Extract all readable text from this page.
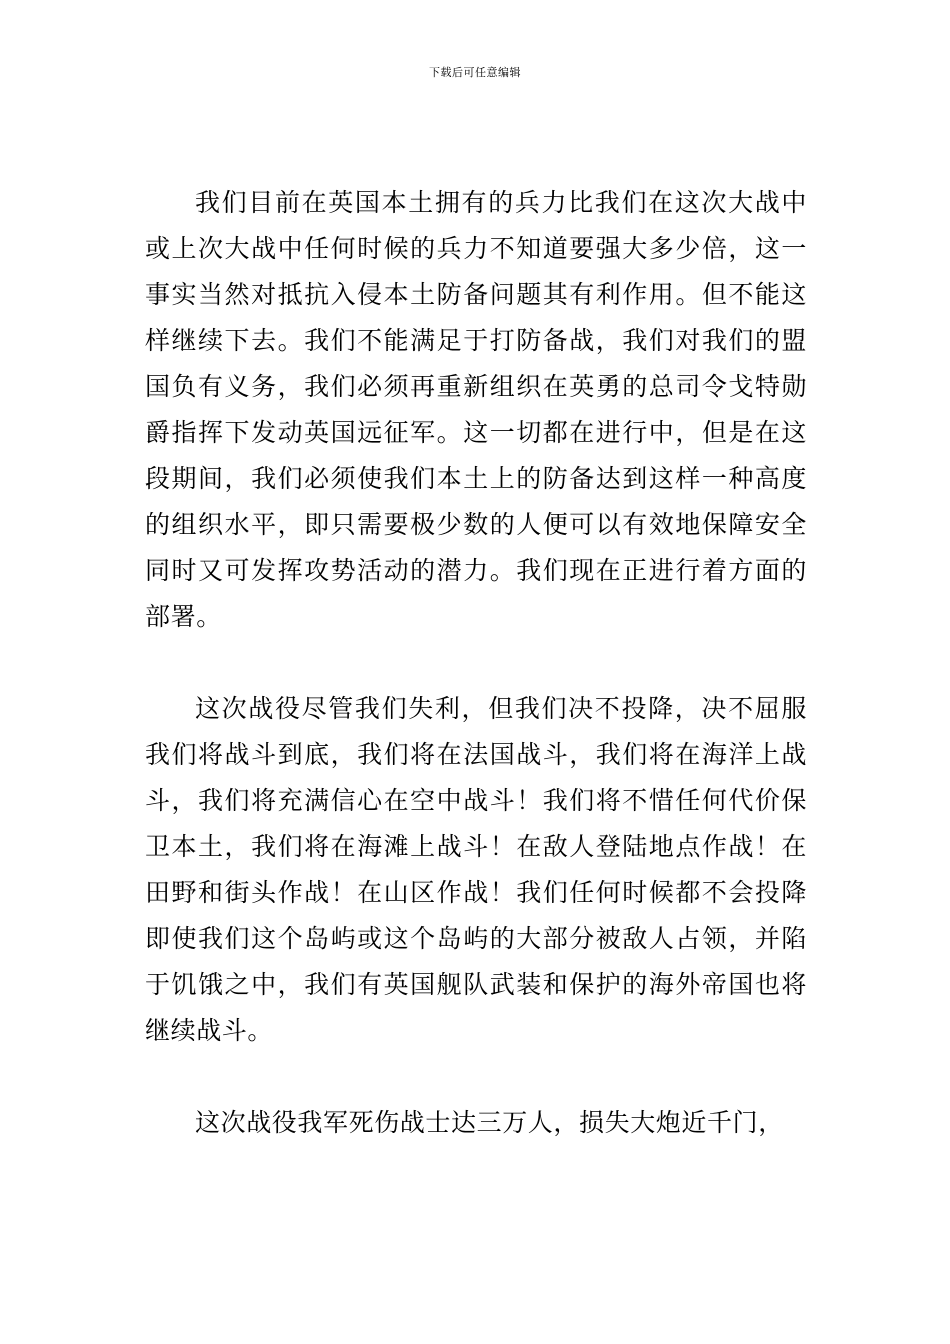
下载后可任意编辑

我们目前在英国本土拥有的兵力比我们在这次大战中或上次大战中任何时候的兵力不知道要强大多少倍，这一事实当然对抵抗入侵本土防备问题其有利作用。但不能这样继续下去。我们不能满足于打防备战，我们对我们的盟国负有义务，我们必须再重新组织在英勇的总司令戈特勋爵指挥下发动英国远征军。这一切都在进行中，但是在这段期间，我们必须使我们本土上的防备达到这样一种高度的组织水平，即只需要极少数的人便可以有效地保障安全同时又可发挥攻势活动的潜力。我们现在正进行着方面的部署。

这次战役尽管我们失利，但我们决不投降，决不屈服我们将战斗到底，我们将在法国战斗，我们将在海洋上战斗，我们将充满信心在空中战斗！我们将不惜任何代价保卫本土，我们将在海滩上战斗！在敌人登陆地点作战！在田野和街头作战！在山区作战！我们任何时候都不会投降即使我们这个岛屿或这个岛屿的大部分被敌人占领，并陷于饥饿之中，我们有英国舰队武装和保护的海外帝国也将继续战斗。

这次战役我军死伤战士达三万人，损失大炮近千门，
